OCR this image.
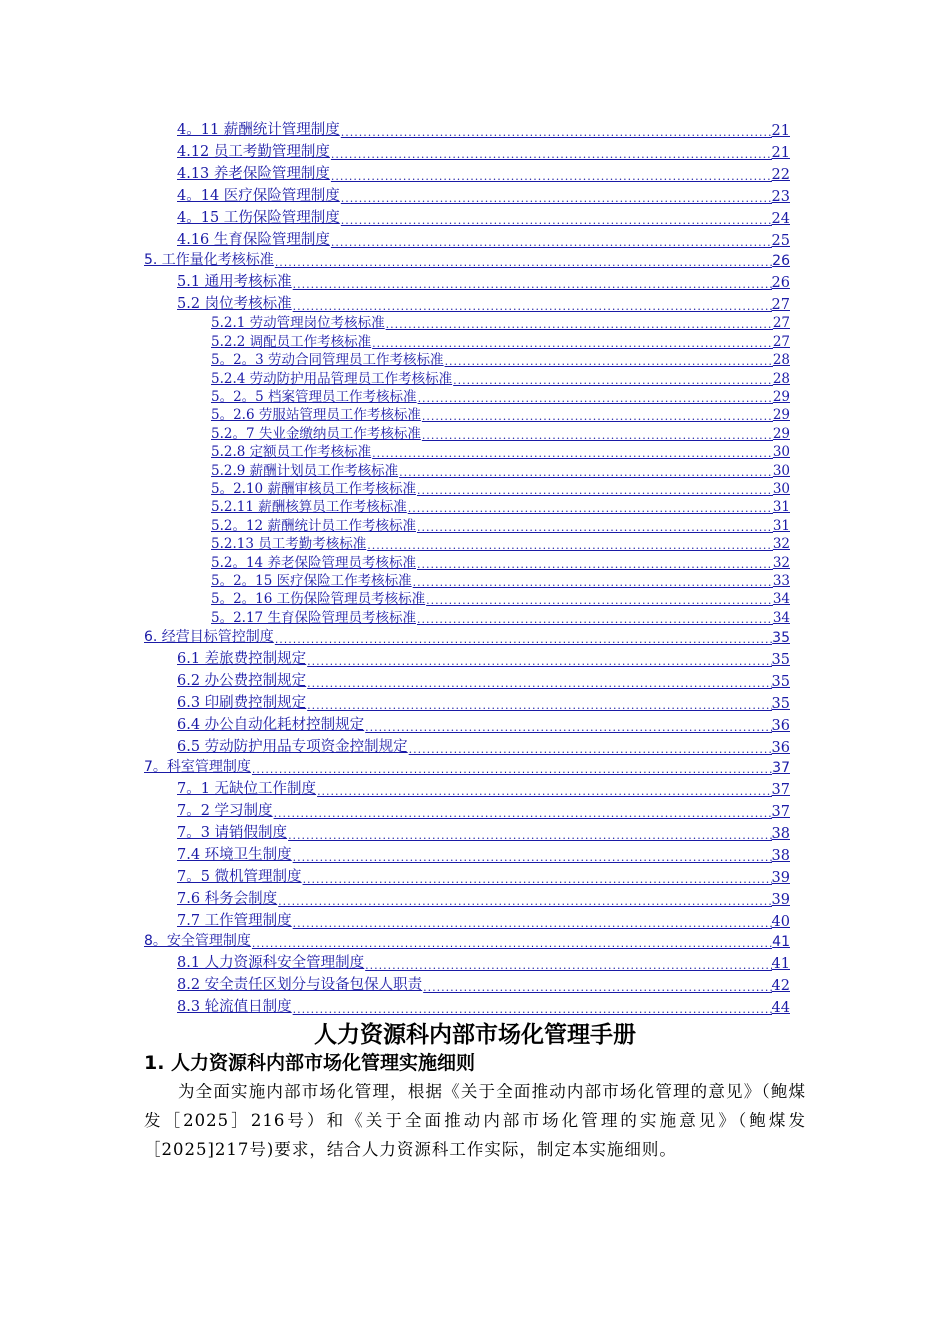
4。11 薪酬统计管理制度 .....	21
4.12 员工考勤管理制度 .....	21
4.13 养老保险管理制度 .....	22
4。14 医疗保险管理制度 .....	23
4。15 工伤保险管理制度 .....	24
4.16 生育保险管理制度 .....	25
5. 工作量化考核标准 .....	26
5.1 通用考核标准 .....	26
5.2 岗位考核标准 .....	27
5.2.1 劳动管理岗位考核标准 .....	27
5.2.2 调配员工作考核标准 .....	27
5。2。3 劳动合同管理员工作考核标准 .....	28
5.2.4 劳动防护用品管理员工作考核标准 .....	28
5。2。5 档案管理员工作考核标准 .....	29
5。2.6 劳服站管理员工作考核标准 .....	29
5.2。7 失业金缴纳员工作考核标准 .....	29
5.2.8 定额员工作考核标准 .....	30
5.2.9 薪酬计划员工作考核标准 .....	30
5。2.10 薪酬审核员工作考核标准 .....	30
5.2.11 薪酬核算员工作考核标准 .....	31
5.2。12 薪酬统计员工作考核标准 .....	31
5.2.13 员工考勤考核标准 .....	32
5.2。14 养老保险管理员考核标准 .....	32
5。2。15 医疗保险工作考核标准 .....	33
5。2。16 工伤保险管理员考核标准 .....	34
5。2.17 生育保险管理员考核标准 .....	34
6. 经营目标管控制度 .....	35
6.1 差旅费控制规定 .....	35
6.2 办公费控制规定 .....	35
6.3 印刷费控制规定 .....	35
6.4 办公自动化耗材控制规定 .....	36
6.5 劳动防护用品专项资金控制规定 .....	36
7。科室管理制度 .....	37
7。1 无缺位工作制度 .....	37
7。2 学习制度 .....	37
7。3 请销假制度 .....	38
7.4 环境卫生制度 .....	38
7。5 微机管理制度 .....	39
7.6 科务会制度 .....	39
7.7 工作管理制度 .....	40
8。安全管理制度 .....	41
8.1 人力资源科安全管理制度 .....	41
8.2 安全责任区划分与设备包保人职责 .....	42
8.3 轮流值日制度 .....	44
人力资源科内部市场化管理手册
1. 人力资源科内部市场化管理实施细则
为全面实施内部市场化管理，根据《关于全面推动内部市场化管理的意见》（鲍煤发［2025］216号）和《关于全面推动内部市场化管理的实施意见》（鲍煤发［2025]217号)要求，结合人力资源科工作实际，制定本实施细则。
